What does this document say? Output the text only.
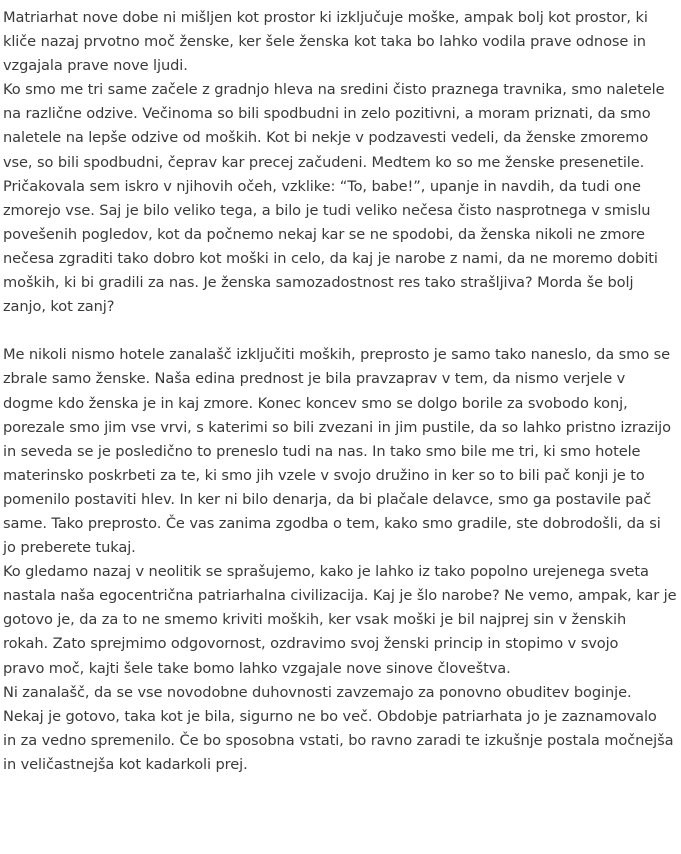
Matriarhat nove dobe ni mišljen kot prostor ki izključuje moške, ampak bolj kot prostor, ki
kliče nazaj prvotno moč ženske, ker šele ženska kot taka bo lahko vodila prave odnose in
vzgajala prave nove ljudi.

Ko smo me tri same začele z gradnjo hleva na sredini čisto praznega travnika, smo naletele
na različne odzive. Večinoma so bili spodbudni in zelo pozitivni, a moram priznati, da smo
naletele na lepše odzive od moških. Kot bi nekje v podzavesti vedeli, da ženske zmoremo
vse, so bili spodbudni, čeprav kar precej začudeni. Medtem ko so me ženske presenetile.
Pričakovala sem iskro v njihovih očeh, vzklike: “To, babe!”, upanje in navdih, da tudi one
zmorejo vse. Saj je bilo veliko tega, a bilo je tudi veliko nečesa čisto nasprotnega v smislu
povešenih pogledov, kot da počnemo nekaj kar se ne spodobi, da ženska nikoli ne zmore
nečesa zgraditi tako dobro kot moški in celo, da kaj je narobe z nami, da ne moremo dobiti
moških, ki bi gradili za nas. Je ženska samozadostnost res tako strašljiva? Morda še bolj
zanjo, kot zanj?

Me nikoli nismo hotele zanalašč izključiti moških, preprosto je samo tako naneslo, da smo se
zbrale samo ženske. Naša edina prednost je bila pravzaprav v tem, da nismo verjele v
dogme kdo ženska je in kaj zmore. Konec koncev smo se dolgo borile za svobodo konj,
porezale smo jim vse vrvi, s katerimi so bili zvezani in jim pustile, da so lahko pristno izrazijo
in seveda se je posledično to preneslo tudi na nas. In tako smo bile me tri, ki smo hotele
materinsko poskrbeti za te, ki smo jih vzele v svojo družino in ker so to bili pač konji je to
pomenilo postaviti hlev. In ker ni bilo denarja, da bi plačale delavce, smo ga postavile pač
same. Tako preprosto. Če vas zanima zgodba o tem, kako smo gradile, ste dobrodošli, da si
jo preberete tukaj.

Ko gledamo nazaj v neolitik se sprašujemo, kako je lahko iz tako popolno urejenega sveta
nastala naša egocentrična patriarhalna civilizacija. Kaj je šlo narobe? Ne vemo, ampak, kar je
gotovo je, da za to ne smemo kriviti moških, ker vsak moški je bil najprej sin v ženskih
rokah. Zato sprejmimo odgovornost, ozdravimo svoj ženski princip in stopimo v svojo
pravo moč, kajti šele take bomo lahko vzgajale nove sinove človeštva.

Ni zanalašč, da se vse novodobne duhovnosti zavzemajo za ponovno obuditev boginje.
Nekaj je gotovo, taka kot je bila, sigurno ne bo več. Obdobje patriarhata jo je zaznamovalo
in za vedno spremenilo. Če bo sposobna vstati, bo ravno zaradi te izkušnje postala močnejša
in veličastnejša kot kadarkoli prej.
